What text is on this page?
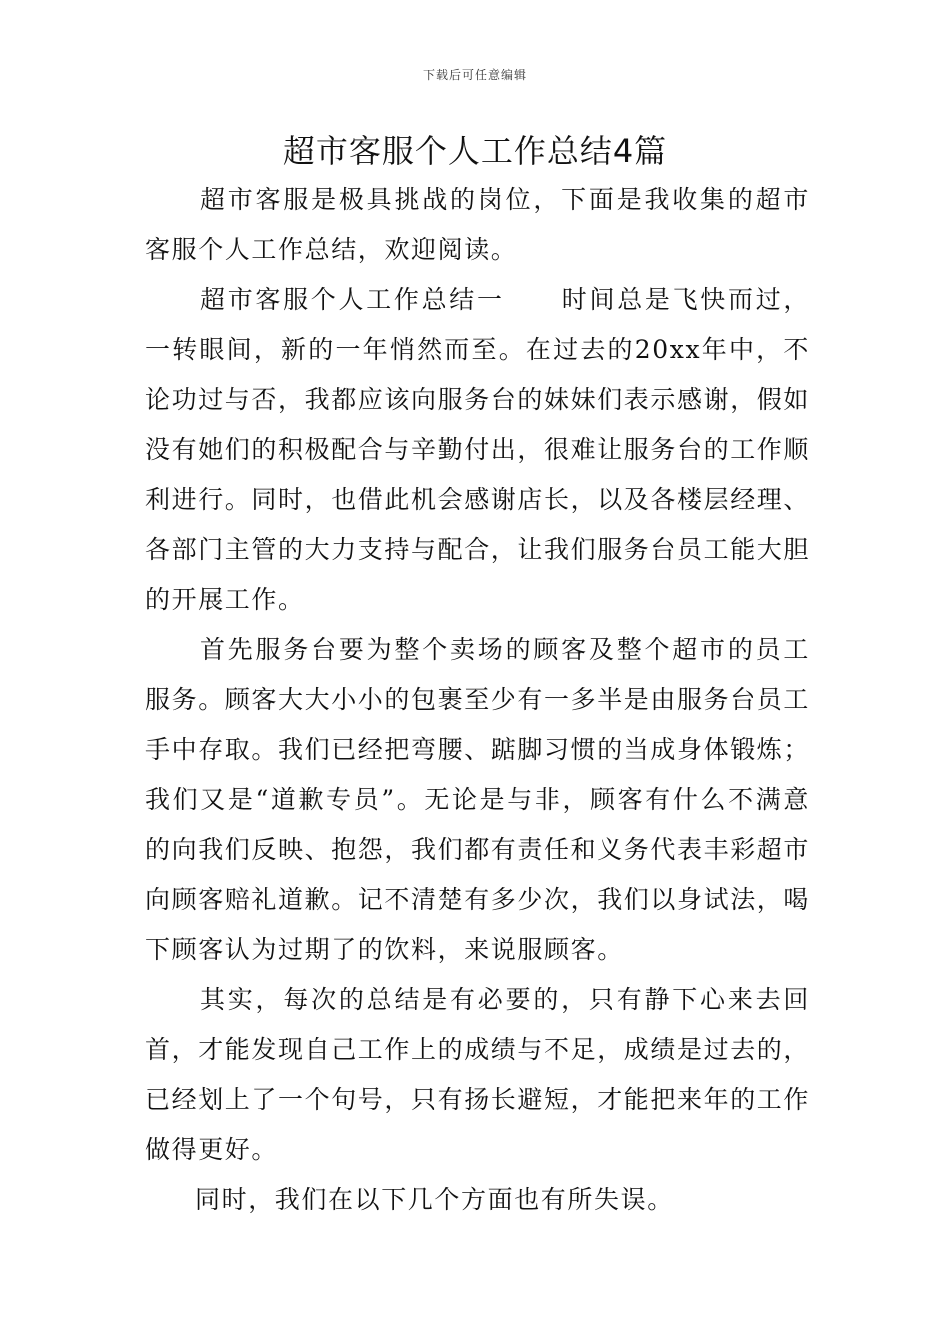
下载后可任意编辑
超市客服个人工作总结4篇

超市客服是极具挑战的岗位，下面是我收集的超市客服个人工作总结，欢迎阅读。

超市客服个人工作总结一 时间总是飞快而过，一转眼间，新的一年悄然而至。在过去的20xx年中，不论功过与否，我都应该向服务台的妹妹们表示感谢，假如没有她们的积极配合与辛勤付出，很难让服务台的工作顺利进行。同时，也借此机会感谢店长，以及各楼层经理、各部门主管的大力支持与配合，让我们服务台员工能大胆的开展工作。

首先服务台要为整个卖场的顾客及整个超市的员工服务。顾客大大小小的包裹至少有一多半是由服务台员工手中存取。我们已经把弯腰、踮脚习惯的当成身体锻炼；我们又是“道歉专员”。无论是与非，顾客有什么不满意的向我们反映、抱怨，我们都有责任和义务代表丰彩超市向顾客赔礼道歉。记不清楚有多少次，我们以身试法，喝下顾客认为过期了的饮料，来说服顾客。

其实，每次的总结是有必要的，只有静下心来去回首，才能发现自己工作上的成绩与不足，成绩是过去的，已经划上了一个句号，只有扬长避短，才能把来年的工作做得更好。

同时，我们在以下几个方面也有所失误。
